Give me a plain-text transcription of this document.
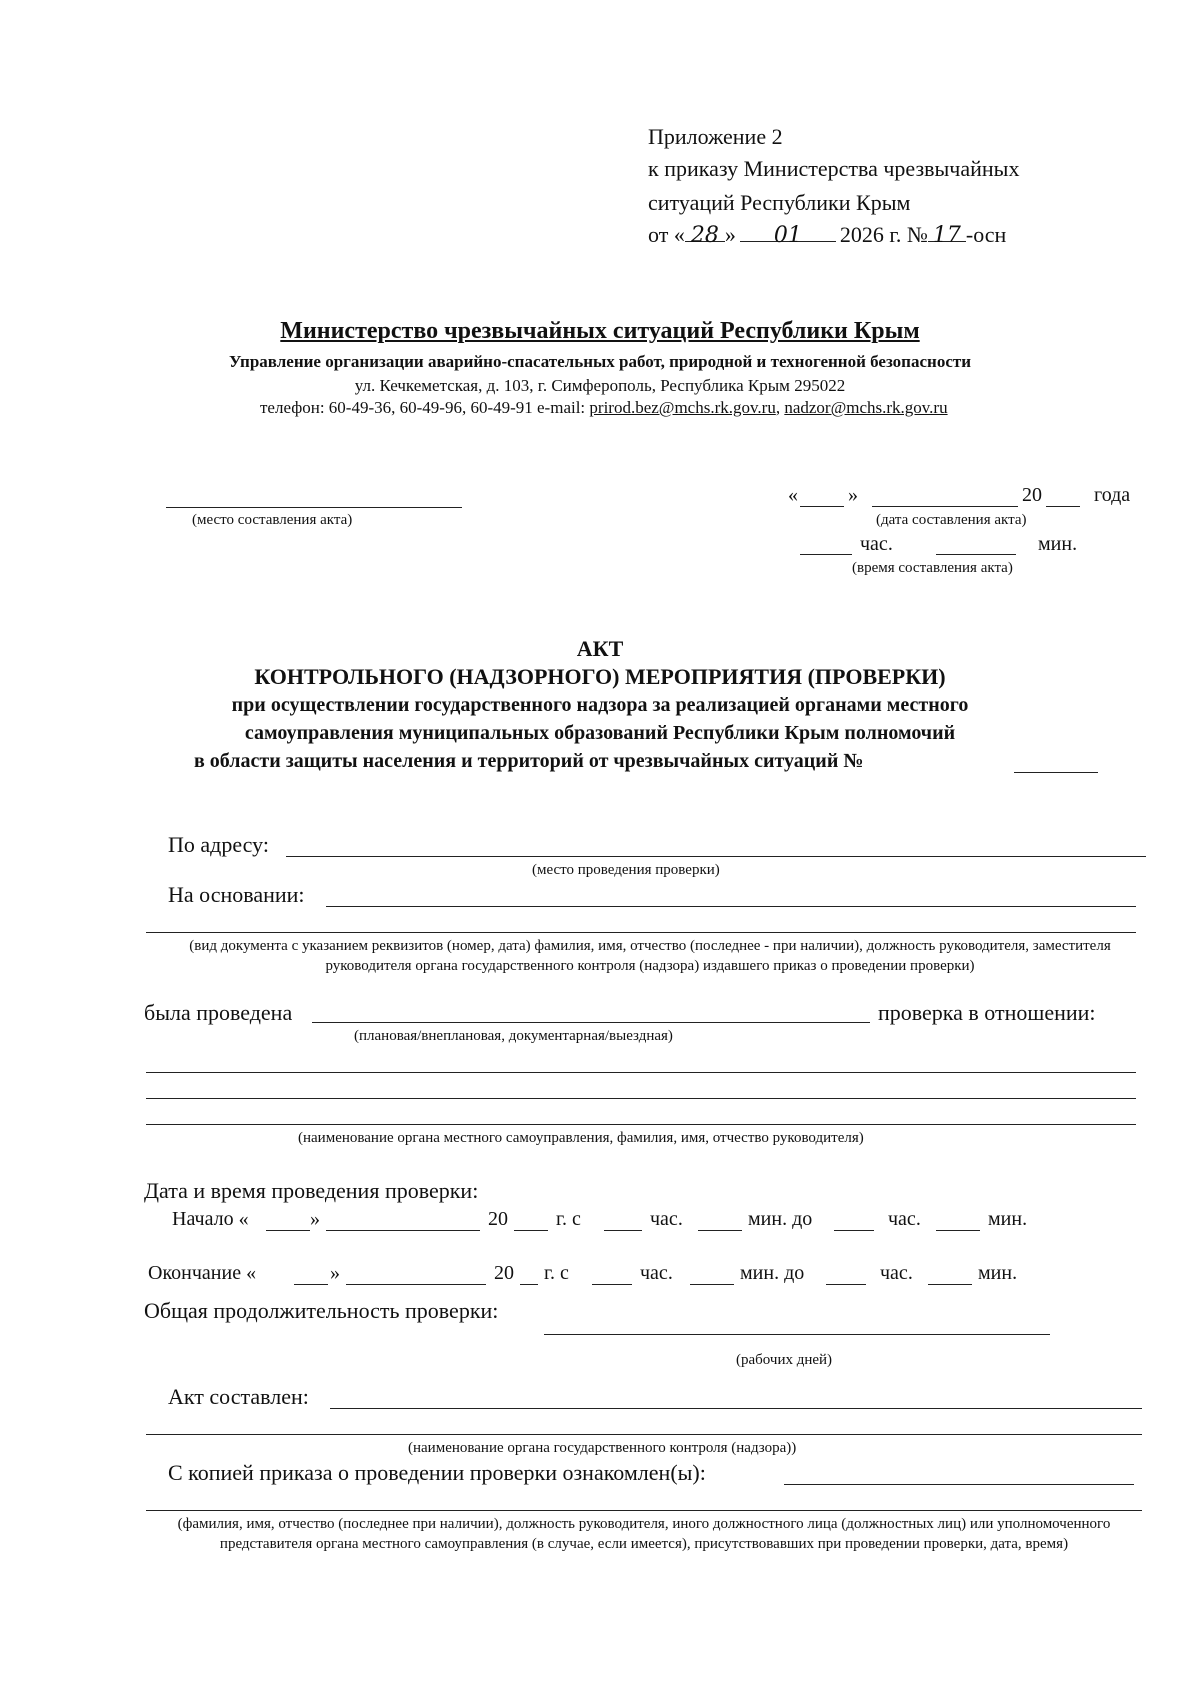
Приложение 2
к приказу Министерства чрезвычайных
ситуаций Республики Крым
от « 28 » 01 2026 г. № 17 -осн
Министерство чрезвычайных ситуаций Республики Крым
Управление организации аварийно-спасательных работ, природной и техногенной безопасности
ул. Кечкеметская, д. 103, г. Симферополь, Республика Крым 295022
телефон: 60-49-36, 60-49-96, 60-49-91 e-mail: prirod.bez@mchs.rk.gov.ru, nadzor@mchs.rk.gov.ru
(место составления акта)
«	»	20	года
(дата составления акта)
час.	мин.
(время составления акта)
АКТ
КОНТРОЛЬНОГО (НАДЗОРНОГО) МЕРОПРИЯТИЯ (ПРОВЕРКИ)
при осуществлении государственного надзора за реализацией органами местного
самоуправления муниципальных образований Республики Крым полномочий
в области защиты населения и территорий от чрезвычайных ситуаций №
По адресу:
(место проведения проверки)
На основании:
(вид документа с указанием реквизитов (номер, дата) фамилия, имя, отчество (последнее - при наличии), должность руководителя, заместителя руководителя органа государственного контроля (надзора) издавшего приказ о проведении проверки)
была проведена	проверка в отношении:
(плановая/внеплановая, документарная/выездная)
(наименование органа местного самоуправления, фамилия, имя, отчество руководителя)
Дата и время проведения проверки:
Начало «	»	20 г. с	час.	мин. до	час.	мин.
Окончание «	»	20 г. с	час.	мин. до	час.	мин.
Общая продолжительность проверки:
(рабочих дней)
Акт составлен:
(наименование органа государственного контроля (надзора))
С копией приказа о проведении проверки ознакомлен(ы):
(фамилия, имя, отчество (последнее при наличии), должность руководителя, иного должностного лица (должностных лиц) или уполномоченного представителя органа местного самоуправления (в случае, если имеется), присутствовавших при проведении проверки, дата, время)
